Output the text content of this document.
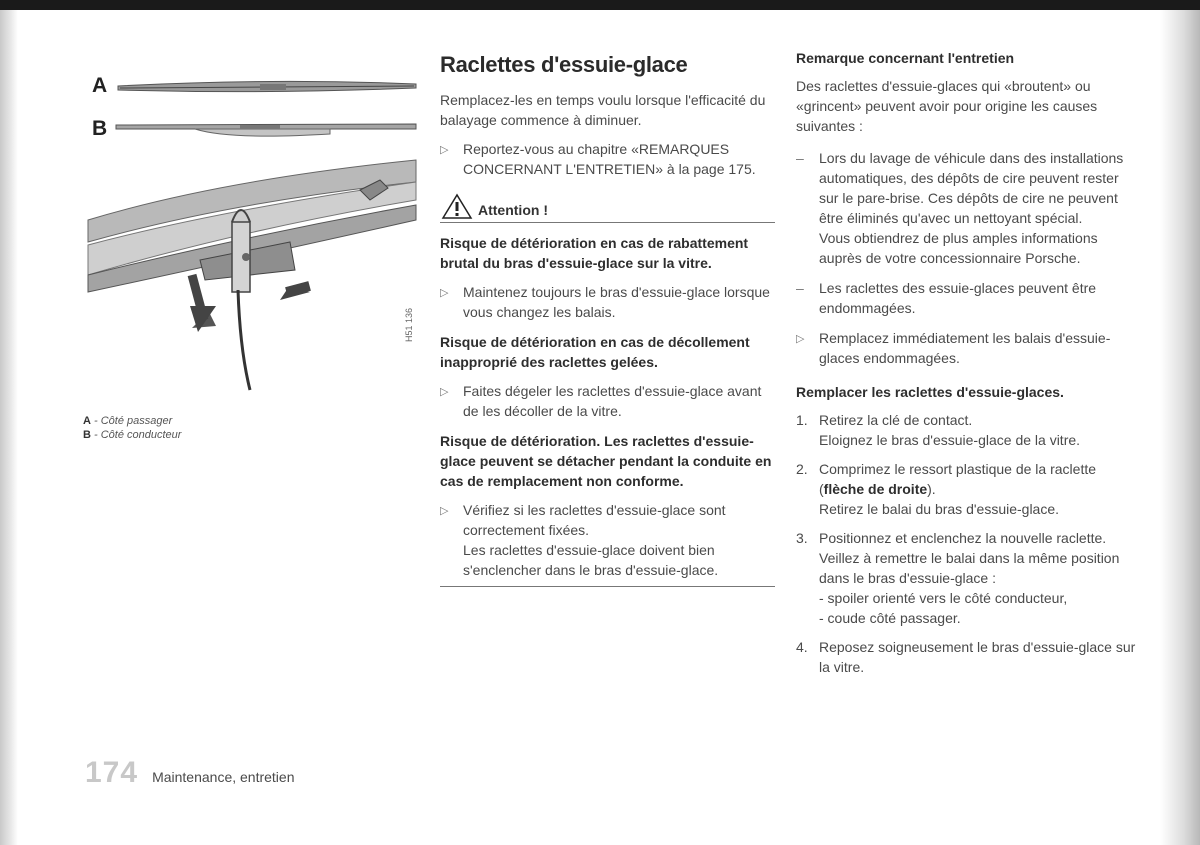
A
B
H51 136
A - Côté passager
B - Côté conducteur
Raclettes d'essuie-glace

Remplacez-les en temps voulu lorsque l'efficacité du balayage commence à diminuer.

▷ Reportez-vous au chapitre «REMARQUES CONCERNANT L'ENTRETIEN» à la page 175.
Attention !
Risque de détérioration en cas de rabattement brutal du bras d'essuie-glace sur la vitre.
▷ Maintenez toujours le bras d'essuie-glace lorsque vous changez les balais.
Risque de détérioration en cas de décollement inapproprié des raclettes gelées.
▷ Faites dégeler les raclettes d'essuie-glace avant de les décoller de la vitre.
Risque de détérioration. Les raclettes d'essuie-glace peuvent se détacher pendant la conduite en cas de remplacement non conforme.
▷ Vérifiez si les raclettes d'essuie-glace sont correctement fixées.
Les raclettes d'essuie-glace doivent bien s'enclencher dans le bras d'essuie-glace.
Remarque concernant l'entretien

Des raclettes d'essuie-glaces qui «broutent» ou «grincent» peuvent avoir pour origine les causes suivantes :

– Lors du lavage de véhicule dans des installations automatiques, des dépôts de cire peuvent rester sur le pare-brise. Ces dépôts de cire ne peuvent être éliminés qu'avec un nettoyant spécial.
Vous obtiendrez de plus amples informations auprès de votre concessionnaire Porsche.
– Les raclettes des essuie-glaces peuvent être endommagées.
▷ Remplacez immédiatement les balais d'essuie-glaces endommagées.
Remplacer les raclettes d'essuie-glaces.
1. Retirez la clé de contact.
Eloignez le bras d'essuie-glace de la vitre.
2. Comprimez le ressort plastique de la raclette (flèche de droite).
Retirez le balai du bras d'essuie-glace.
3. Positionnez et enclenchez la nouvelle raclette.
Veillez à remettre le balai dans la même position dans le bras d'essuie-glace :
- spoiler orienté vers le côté conducteur,
- coude côté passager.
4. Reposez soigneusement le bras d'essuie-glace sur la vitre.
174 Maintenance, entretien
